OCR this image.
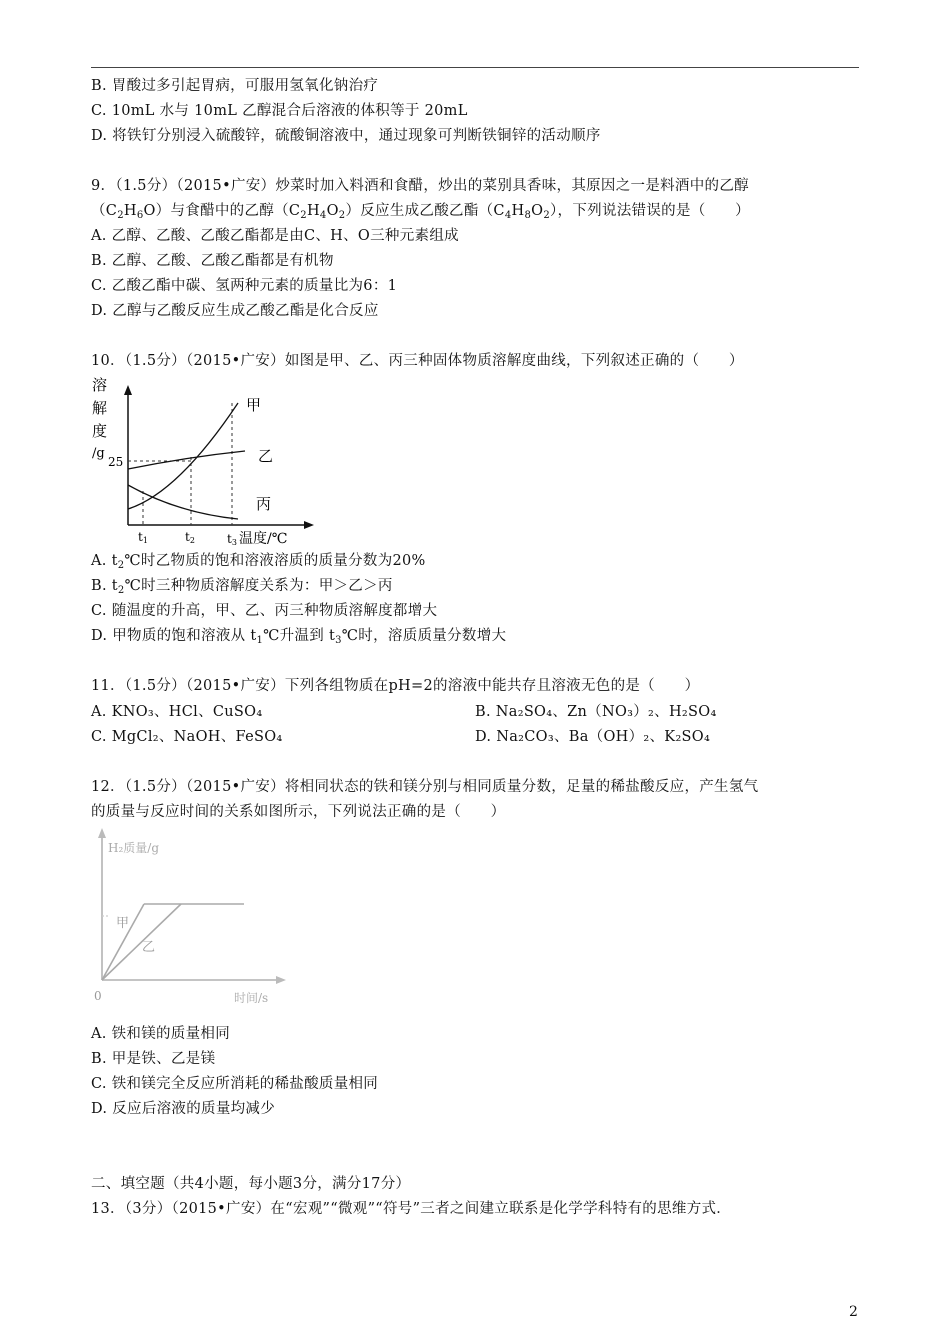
B. 胃酸过多引起胃病，可服用氢氧化钠治疗
C. 10mL 水与 10mL 乙醇混合后溶液的体积等于 20mL
D. 将铁钉分别浸入硫酸锌，硫酸铜溶液中，通过现象可判断铁铜锌的活动顺序
9．（1.5分）（2015•广安）炒菜时加入料酒和食醋，炒出的菜别具香味，其原因之一是料酒中的乙醇
$(C_2H_6O)$与食醋中的乙醇$(C_2H_4O_2)$反应生成乙酸乙酯$(C_4H_8O_2)$，下列说法错误的是（　　）
A. 乙醇、乙酸、乙酸乙酯都是由C、H、O三种元素组成
B. 乙醇、乙酸、乙酸乙酯都是有机物
C. 乙酸乙酯中碳、氢两种元素的质量比为6：1
D. 乙醇与乙酸反应生成乙酸乙酯是化合反应
10．（1.5分）（2015•广安）如图是甲、乙、丙三种固体物质溶解度曲线，下列叙述正确的（　　）
溶
解
度
/g
25
甲
乙
丙
t1	t2	t3 温度/℃
A. $t_2℃$时乙物质的饱和溶液溶质的质量分数为20%
B. $t_2℃$时三种物质溶解度关系为：甲＞乙＞丙
C. 随温度的升高，甲、乙、丙三种物质溶解度都增大
D. 甲物质的饱和溶液从 $t_1℃$升温到 $t_3℃$时，溶质质量分数增大
11．（1.5分）（2015•广安）下列各组物质在pH=2的溶液中能共存且溶液无色的是（　　）
A. KNO₃、HCl、CuSO₄	B. Na₂SO₄、Zn（NO₃）₂、H₂SO₄
C. MgCl₂、NaOH、FeSO₄	D. Na₂CO₃、Ba（OH）₂、K₂SO₄
12．（1.5分）（2015•广安）将相同状态的铁和镁分别与相同质量分数，足量的稀盐酸反应，产生氢气
的质量与反应时间的关系如图所示，下列说法正确的是（　　）
H₂质量/g
甲
乙
0	时间/s
A. 铁和镁的质量相同
B. 甲是铁、乙是镁
C. 铁和镁完全反应所消耗的稀盐酸质量相同
D. 反应后溶液的质量均减少
二、填空题（共4小题，每小题3分，满分17分）
13．（3分）（2015•广安）在“宏观”“微观”“符号”三者之间建立联系是化学学科特有的思维方式．
2
